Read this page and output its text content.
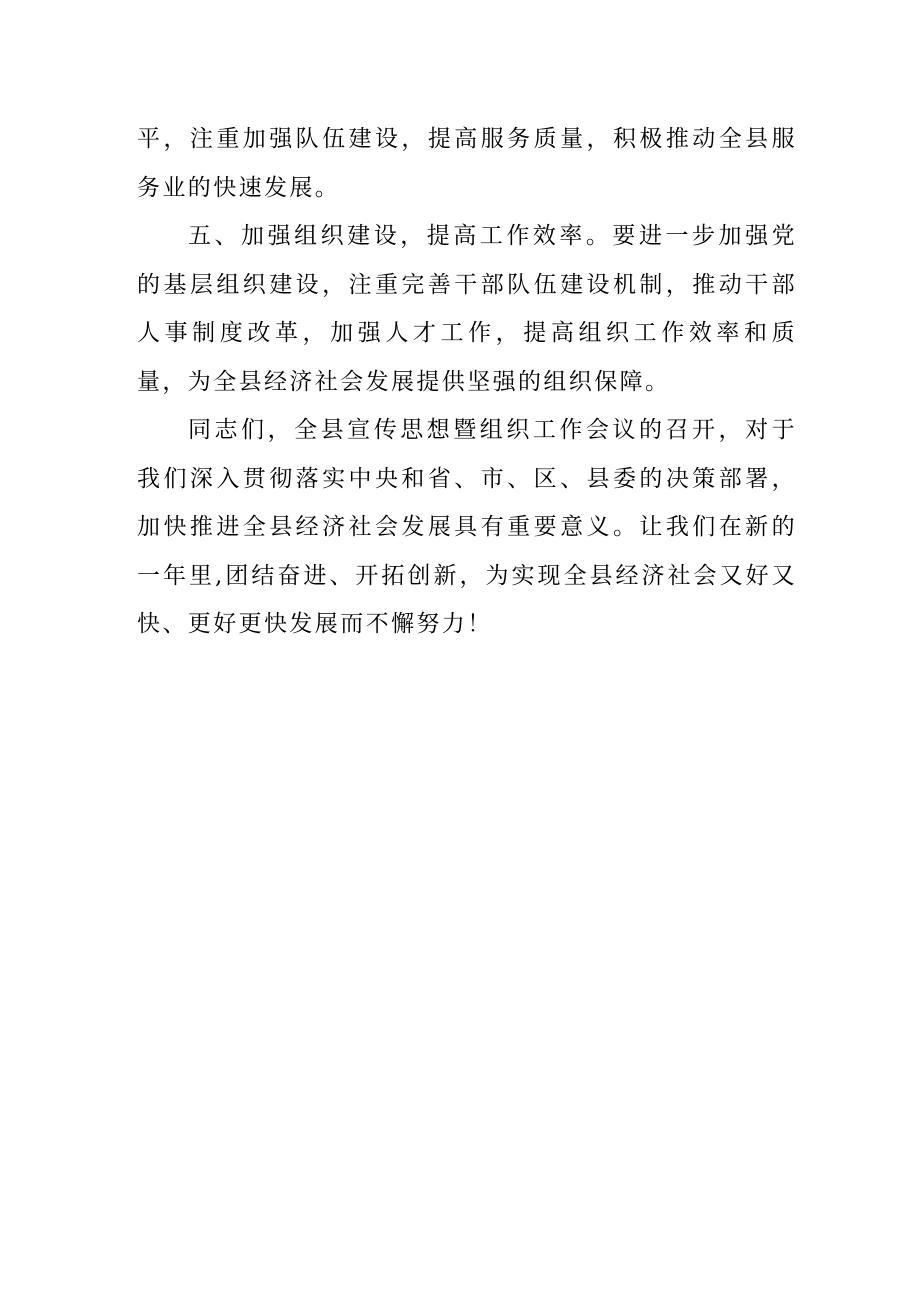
平，注重加强队伍建设，提高服务质量，积极推动全县服务业的快速发展。

五、加强组织建设，提高工作效率。要进一步加强党的基层组织建设，注重完善干部队伍建设机制，推动干部人事制度改革，加强人才工作，提高组织工作效率和质量，为全县经济社会发展提供坚强的组织保障。

同志们，全县宣传思想暨组织工作会议的召开，对于我们深入贯彻落实中央和省、市、区、县委的决策部署，加快推进全县经济社会发展具有重要意义。让我们在新的一年里,团结奋进、开拓创新，为实现全县经济社会又好又快、更好更快发展而不懈努力！
